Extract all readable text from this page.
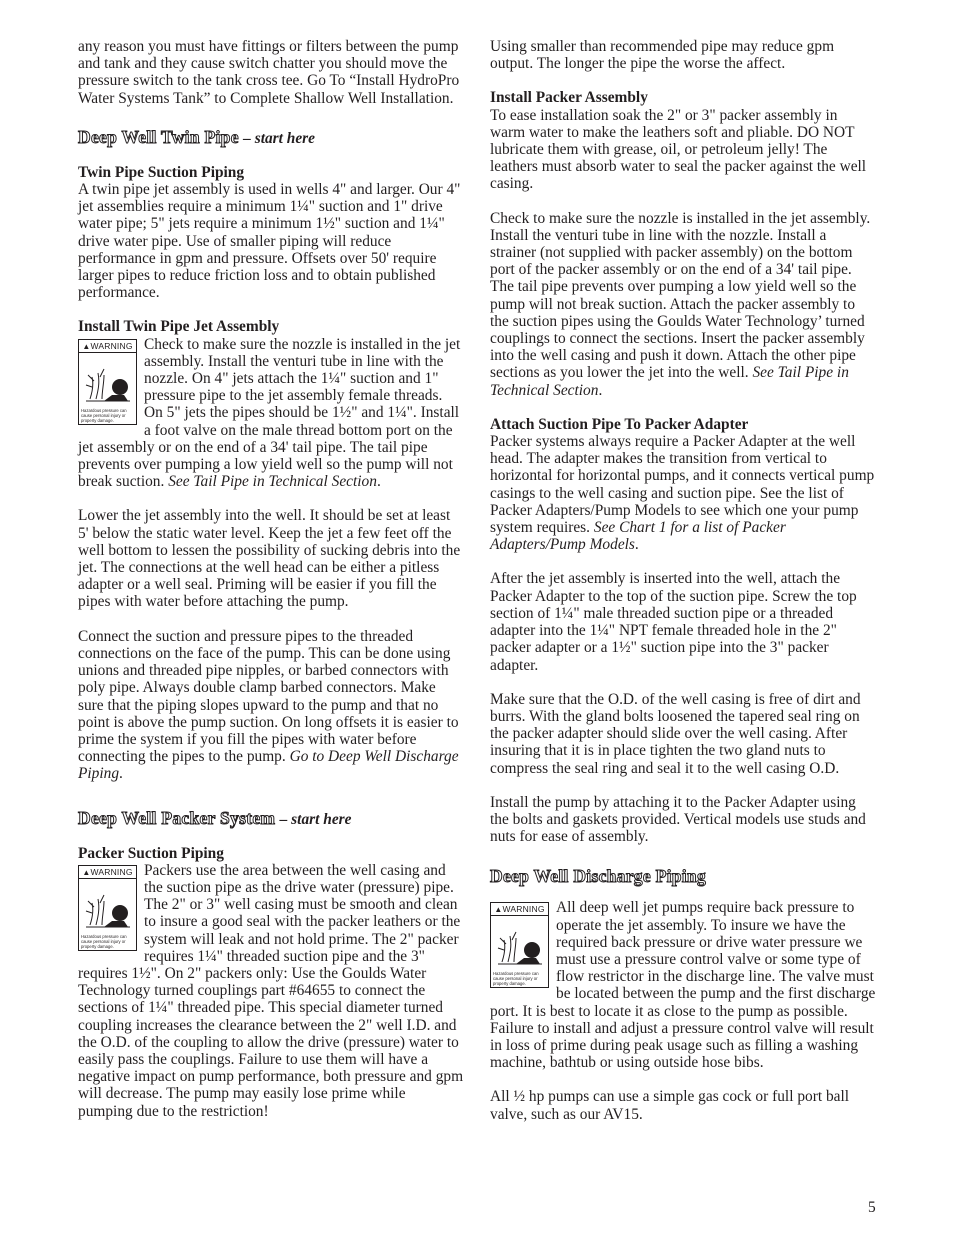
any reason you must have fittings or filters between the pump and tank and they cause switch chatter you should move the pressure switch to the tank cross tee. Go To “Install HydroPro Water Systems Tank” to Complete Shallow Well Installation.

Deep Well Twin Pipe – start here

Twin Pipe Suction Piping

A twin pipe jet assembly is used in wells 4" and larger. Our 4" jet assemblies require a minimum 1¼" suction and 1" drive water pipe; 5" jets require a minimum 1½" suction and 1¼" drive water pipe. Use of smaller piping will reduce performance in gpm and pressure. Offsets over 50' require larger pipes to reduce friction loss and to obtain published performance.

Install Twin Pipe Jet Assembly

▲WARNING
Hazardous pressure can cause personal injury or property damage.

Check to make sure the nozzle is installed in the jet assembly. Install the venturi tube in line with the nozzle. On 4" jets attach the 1¼" suction and 1" pressure pipe to the jet assembly female threads. On 5" jets the pipes should be 1½" and 1¼". Install a foot valve on the male thread bottom port on the jet assembly or on the end of a 34' tail pipe. The tail pipe prevents over pumping a low yield well so the pump will not break suction. See Tail Pipe in Technical Section.

Lower the jet assembly into the well. It should be set at least 5' below the static water level. Keep the jet a few feet off the well bottom to lessen the possibility of sucking debris into the jet. The connections at the well head can be either a pitless adapter or a well seal. Priming will be easier if you fill the pipes with water before attaching the pump.

Connect the suction and pressure pipes to the threaded connections on the face of the pump. This can be done using unions and threaded pipe nipples, or barbed connectors with poly pipe. Always double clamp barbed connectors. Make sure that the piping slopes upward to the pump and that no point is above the pump suction. On long offsets it is easier to prime the system if you fill the pipes with water before connecting the pipes to the pump. Go to Deep Well Discharge Piping.

Deep Well Packer System – start here

Packer Suction Piping

▲WARNING
Hazardous pressure can cause personal injury or property damage.

Packers use the area between the well casing and the suction pipe as the drive water (pressure) pipe. The 2" or 3" well casing must be smooth and clean to insure a good seal with the packer leathers or the system will leak and not hold prime. The 2" packer requires 1¼" threaded suction pipe and the 3" requires 1½". On 2" packers only: Use the Goulds Water Technology turned couplings part #64655 to connect the sections of 1¼" threaded pipe. This special diameter turned coupling increases the clearance between the 2" well I.D. and the O.D. of the coupling to allow the drive (pressure) water to easily pass the couplings. Failure to use them will have a negative impact on pump performance, both pressure and gpm will decrease. The pump may easily lose prime while pumping due to the restriction!

Using smaller than recommended pipe may reduce gpm output. The longer the pipe the worse the affect.

Install Packer Assembly

To ease installation soak the 2" or 3" packer assembly in warm water to make the leathers soft and pliable. DO NOT lubricate them with grease, oil, or petroleum jelly! The leathers must absorb water to seal the packer against the well casing.

Check to make sure the nozzle is installed in the jet assembly. Install the venturi tube in line with the nozzle. Install a strainer (not supplied with packer assembly) on the bottom port of the packer assembly or on the end of a 34' tail pipe. The tail pipe prevents over pumping a low yield well so the pump will not break suction. Attach the packer assembly to the suction pipes using the Goulds Water Technology’ turned couplings to connect the sections. Insert the packer assembly into the well casing and push it down. Attach the other pipe sections as you lower the jet into the well. See Tail Pipe in Technical Section.

Attach Suction Pipe To Packer Adapter

Packer systems always require a Packer Adapter at the well head. The adapter makes the transition from vertical to horizontal for horizontal pumps, and it connects vertical pump casings to the well casing and suction pipe. See the list of Packer Adapters/Pump Models to see which one your pump system requires. See Chart 1 for a list of Packer Adapters/Pump Models.

After the jet assembly is inserted into the well, attach the Packer Adapter to the top of the suction pipe. Screw the top section of 1¼" male threaded suction pipe or a threaded adapter into the 1¼" NPT female threaded hole in the 2" packer adapter or a 1½" suction pipe into the 3" packer adapter.

Make sure that the O.D. of the well casing is free of dirt and burrs. With the gland bolts loosened the tapered seal ring on the packer adapter should slide over the well casing. After insuring that it is in place tighten the two gland nuts to compress the seal ring and seal it to the well casing O.D.

Install the pump by attaching it to the Packer Adapter using the bolts and gaskets provided. Vertical models use studs and nuts for ease of assembly.

Deep Well Discharge Piping
▲WARNING
Hazardous pressure can cause personal injury or property damage.

All deep well jet pumps require back pressure to operate the jet assembly. To insure we have the required back pressure or drive water pressure we must use a pressure control valve or some type of flow restrictor in the discharge line. The valve must be located between the pump and the first discharge port. It is best to locate it as close to the pump as possible. Failure to install and adjust a pressure control valve will result in loss of prime during peak usage such as filling a washing machine, bathtub or using outside hose bibs.

All ½ hp pumps can use a simple gas cock or full port ball valve, such as our AV15.

5
